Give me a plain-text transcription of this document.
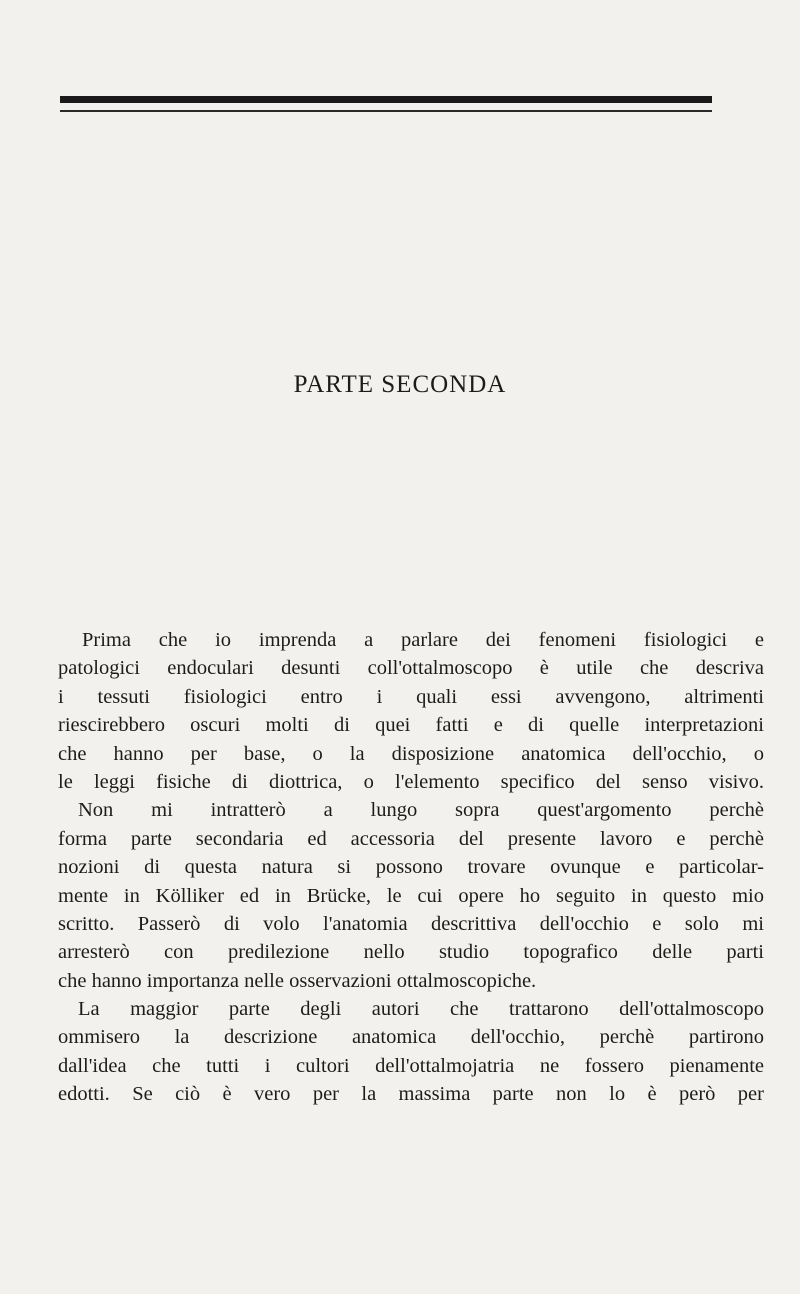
PARTE SECONDA
Prima che io imprenda a parlare dei fenomeni fisiologici e
patologici endoculari desunti coll'ottalmoscopo è utile che descriva
i tessuti fisiologici entro i quali essi avvengono, altrimenti
riescirebbero oscuri molti di quei fatti e di quelle interpretazioni
che hanno per base, o la disposizione anatomica dell'occhio, o
le leggi fisiche di diottrica, o l'elemento specifico del senso visivo.
Non mi intratterò a lungo sopra quest'argomento perchè
forma parte secondaria ed accessoria del presente lavoro e perchè
nozioni di questa natura si possono trovare ovunque e particolar-
mente in Kölliker ed in Brücke, le cui opere ho seguito in questo mio
scritto. Passerò di volo l'anatomia descrittiva dell'occhio e solo mi
arresterò con predilezione nello studio topografico delle parti
che hanno importanza nelle osservazioni ottalmoscopiche.
La maggior parte degli autori che trattarono dell'ottalmoscopo
ommisero la descrizione anatomica dell'occhio, perchè partirono
dall'idea che tutti i cultori dell'ottalmojatria ne fossero pienamente
edotti. Se ciò è vero per la massima parte non lo è però per
